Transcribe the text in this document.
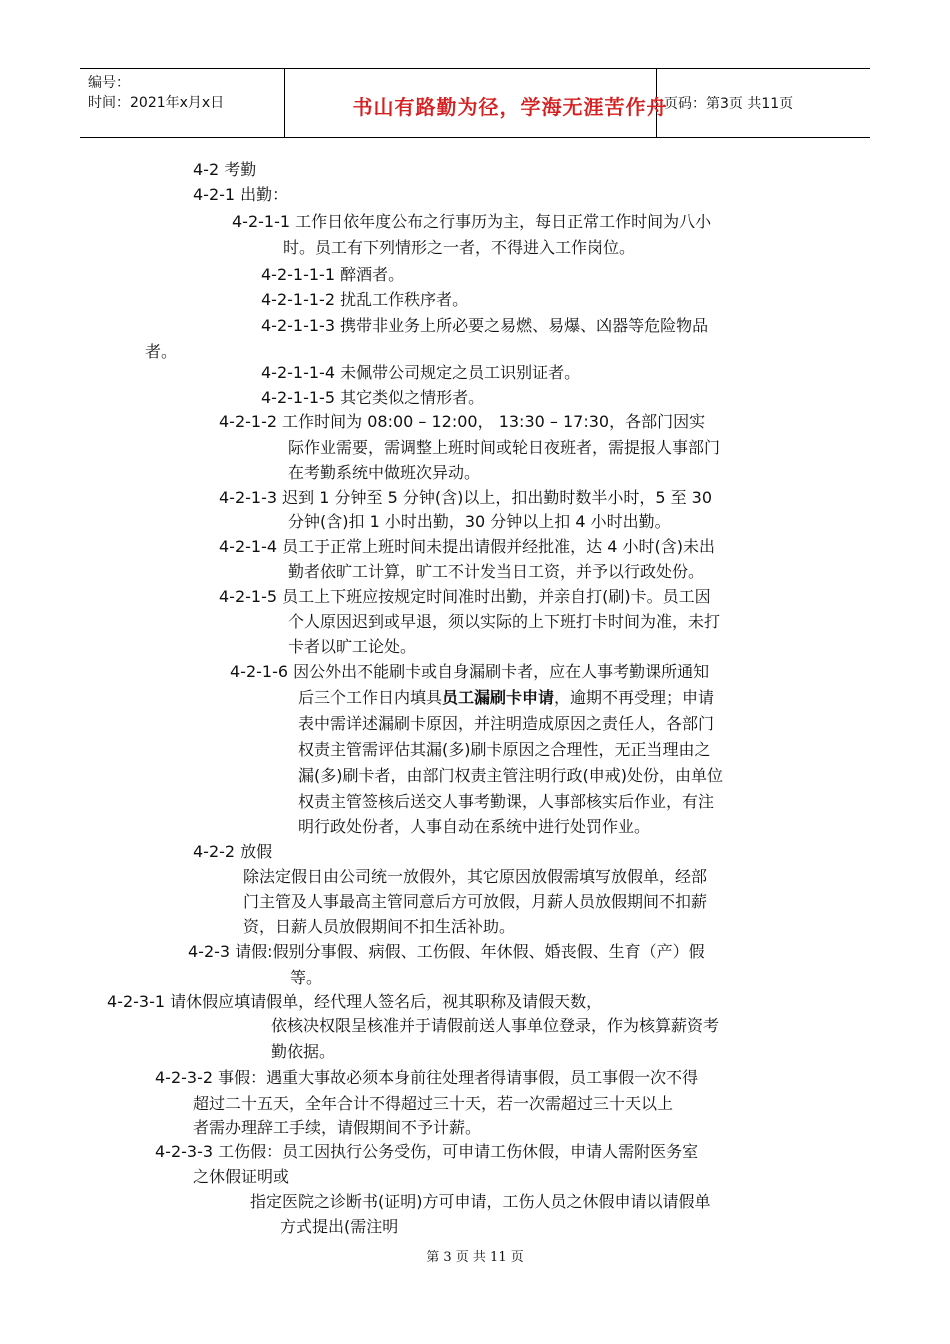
编号：
时间：2021年x月x日	书山有路勤为径，学海无涯苦作舟
页码：第3页 共11页
4-2 考勤
4-2-1 出勤：
4-2-1-1 工作日依年度公布之行事历为主，每日正常工作时间为八小
时。员工有下列情形之一者，不得进入工作岗位。
4-2-1-1-1 醉酒者。
4-2-1-1-2 扰乱工作秩序者。
4-2-1-1-3 携带非业务上所必要之易燃、易爆、凶器等危险物品
者。
4-2-1-1-4 未佩带公司规定之员工识别证者。
4-2-1-1-5 其它类似之情形者。
4-2-1-2 工作时间为 08:00 – 12:00， 13:30 – 17:30，各部门因实
际作业需要，需调整上班时间或轮日夜班者，需提报人事部门
在考勤系统中做班次异动。
4-2-1-3 迟到 1 分钟至 5 分钟(含)以上，扣出勤时数半小时，5 至 30
分钟(含)扣 1 小时出勤，30 分钟以上扣 4 小时出勤。
4-2-1-4 员工于正常上班时间未提出请假并经批准，达 4 小时(含)未出
勤者依旷工计算，旷工不计发当日工资，并予以行政处份。
4-2-1-5 员工上下班应按规定时间准时出勤，并亲自打(刷)卡。员工因
个人原因迟到或早退，须以实际的上下班打卡时间为准，未打
卡者以旷工论处。
4-2-1-6 因公外出不能刷卡或自身漏刷卡者，应在人事考勤课所通知
后三个工作日内填具员工漏刷卡申请，逾期不再受理；申请
表中需详述漏刷卡原因，并注明造成原因之责任人，各部门
权责主管需评估其漏(多)刷卡原因之合理性，无正当理由之
漏(多)刷卡者，由部门权责主管注明行政(申戒)处份，由单位
权责主管签核后送交人事考勤课，人事部核实后作业，有注
明行政处份者，人事自动在系统中进行处罚作业。
4-2-2 放假
除法定假日由公司统一放假外，其它原因放假需填写放假单，经部
门主管及人事最高主管同意后方可放假，月薪人员放假期间不扣薪
资，日薪人员放假期间不扣生活补助。
4-2-3 请假:假别分事假、病假、工伤假、年休假、婚丧假、生育（产）假
等。
4-2-3-1 请休假应填请假单，经代理人签名后，视其职称及请假天数，
依核决权限呈核准并于请假前送人事单位登录，作为核算薪资考
勤依据。
4-2-3-2 事假：遇重大事故必须本身前往处理者得请事假，员工事假一次不得
超过二十五天，全年合计不得超过三十天，若一次需超过三十天以上
者需办理辞工手续，请假期间不予计薪。
4-2-3-3 工伤假：员工因执行公务受伤，可申请工伤休假，申请人需附医务室
之休假证明或
指定医院之诊断书(证明)方可申请，工伤人员之休假申请以请假单
方式提出(需注明
第 3 页 共 11 页
